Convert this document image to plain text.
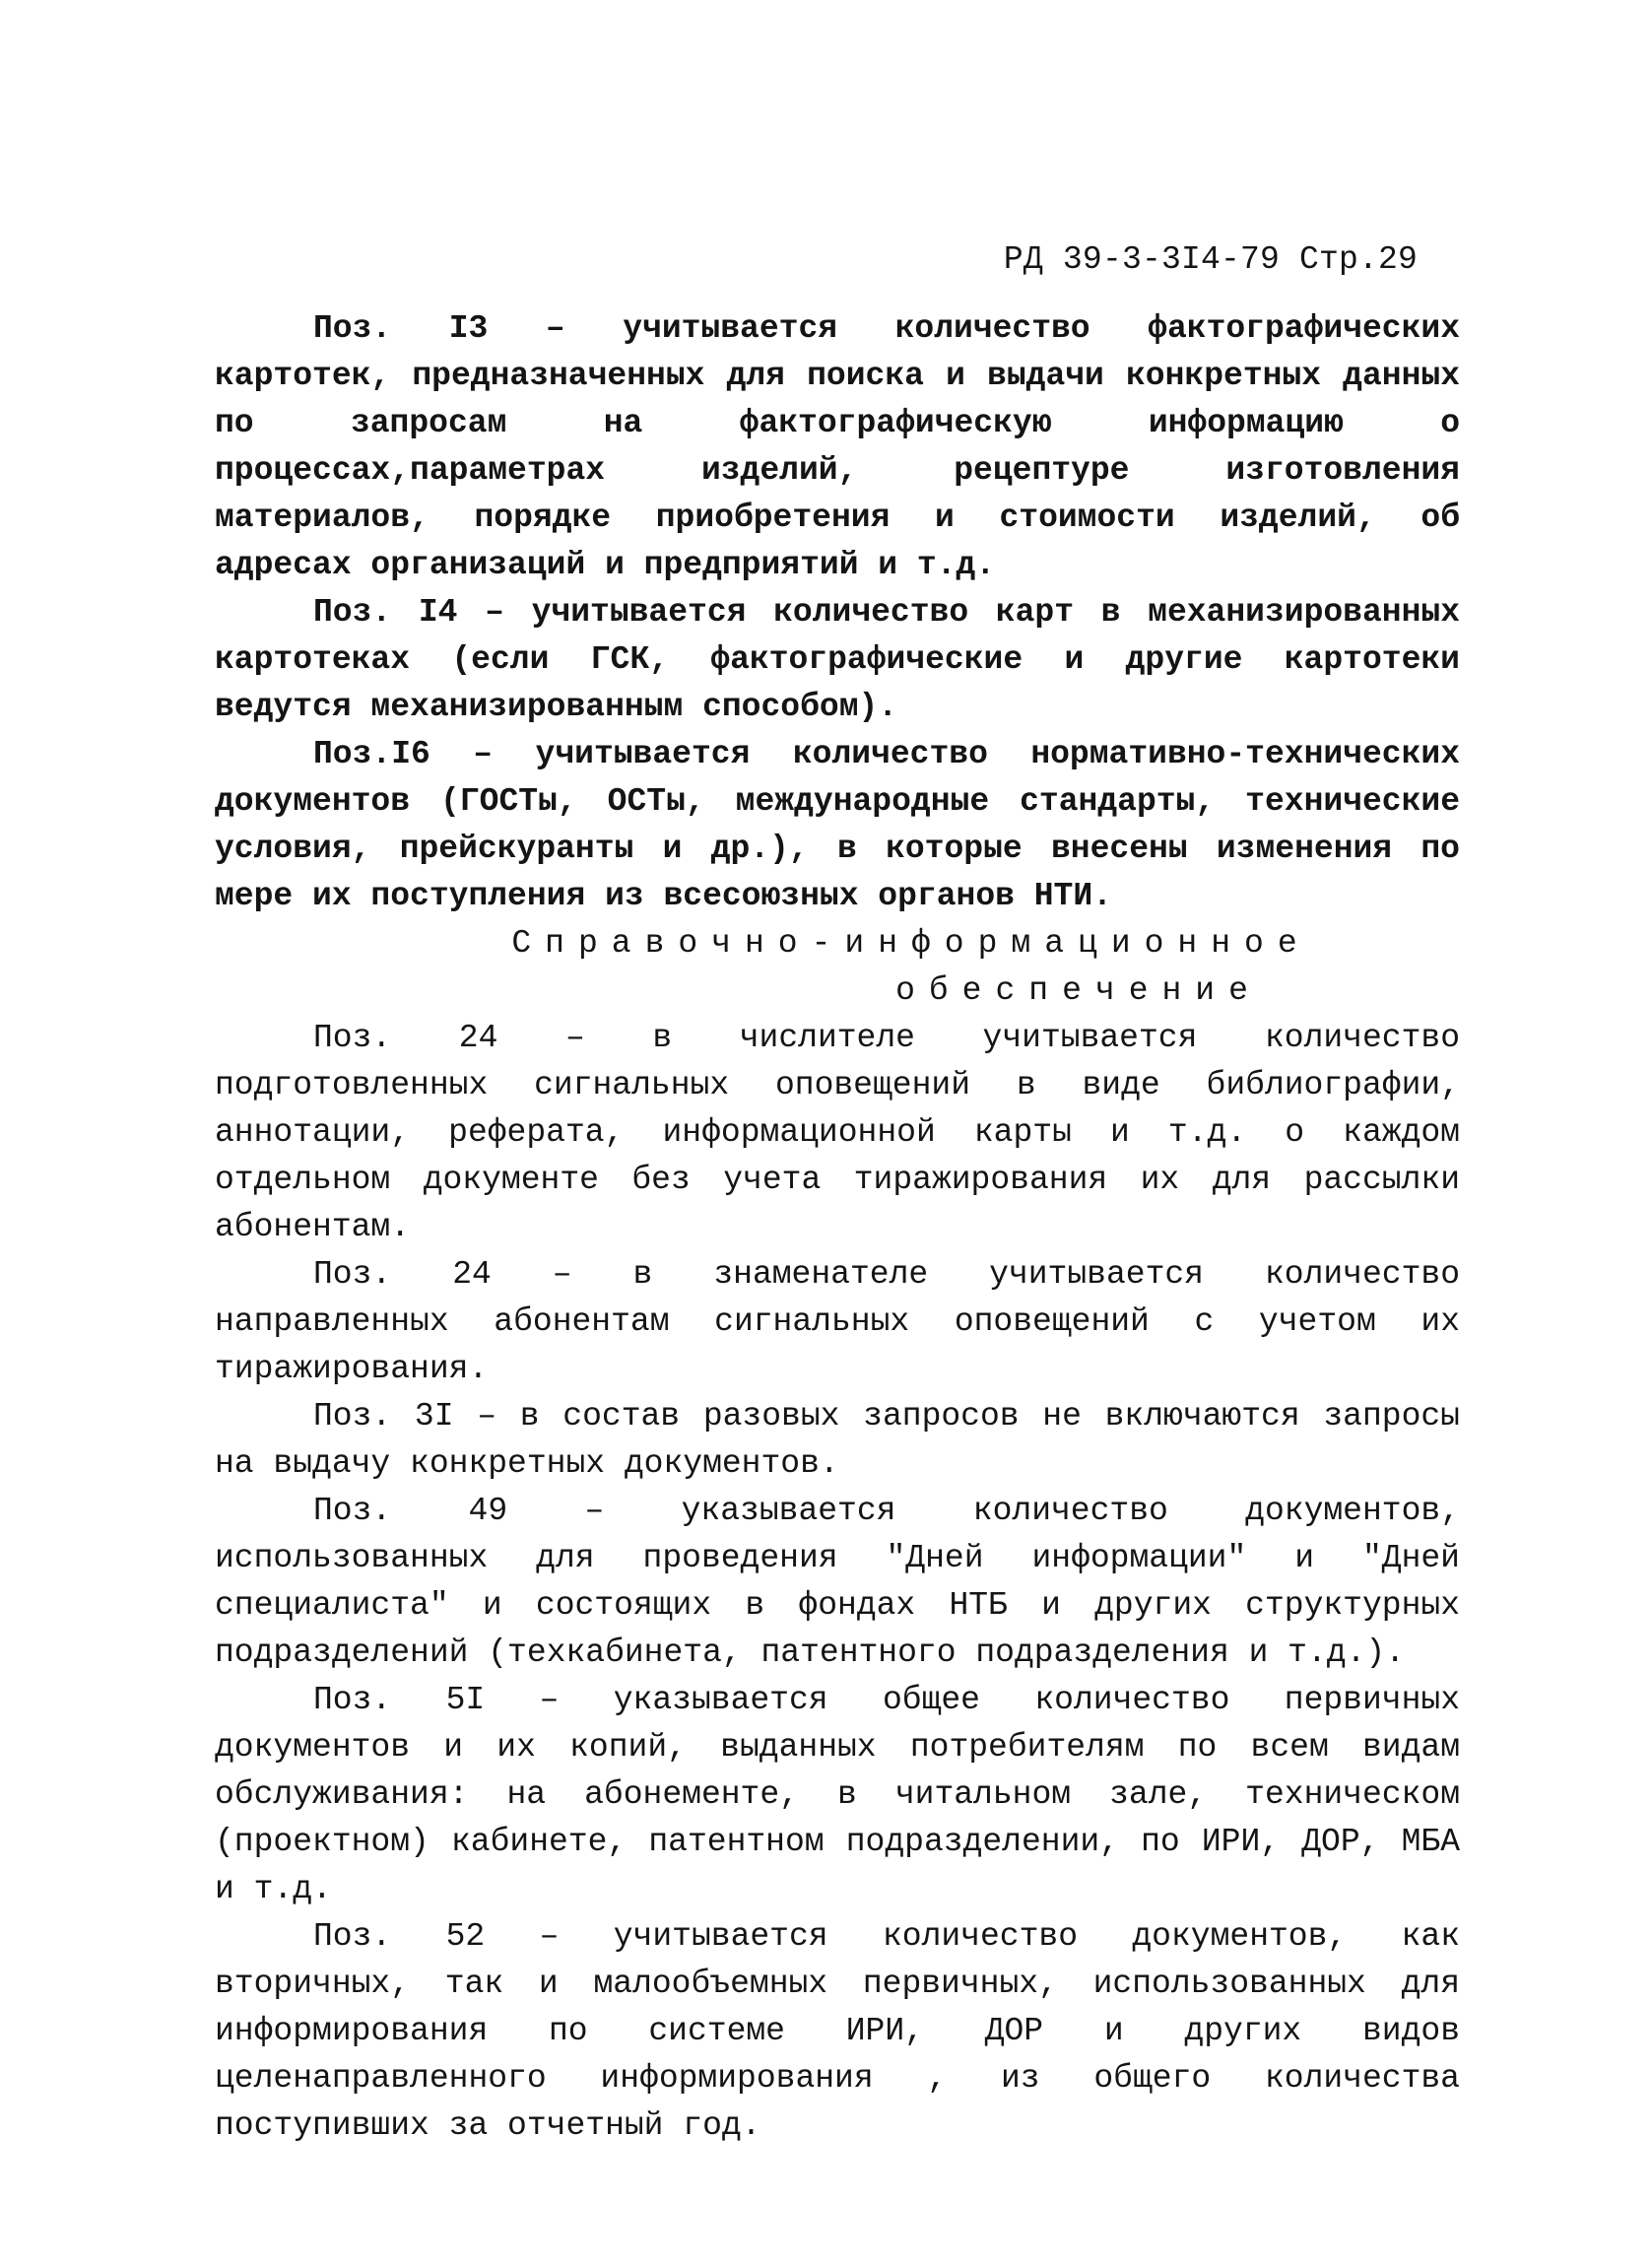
РД 39-3-3I4-79 Стр.29

Поз. I3 – учитывается количество фактографических картотек, предназначенных для поиска и выдачи конкретных данных по запросам на фактографическую информацию о процессах,параметрах изделий, рецептуре изготовления материалов, порядке приобретения и стоимости изделий, об адресах организаций и предприятий и т.д.

Поз. I4 – учитывается количество карт в механизированных картотеках (если ГСК, фактографические и другие картотеки ведутся механизированным способом).

Поз.I6 – учитывается количество нормативно-технических документов (ГОСТы, ОСТы, международные стандарты, технические условия, прейскуранты и др.), в которые внесены изменения по мере их поступления из всесоюзных органов НТИ.

Справочно-информационное
обеспечение

Поз. 24 – в числителе учитывается количество подготовленных сигнальных оповещений в виде библиографии, аннотации, реферата, информационной карты и т.д. о каждом отдельном документе без учета тиражирования их для рассылки абонентам.

Поз. 24 – в знаменателе учитывается количество направленных абонентам сигнальных оповещений с учетом их тиражирования.

Поз. 3I – в состав разовых запросов не включаются запросы на выдачу конкретных документов.

Поз. 49 – указывается количество документов, использованных для проведения "Дней информации" и "Дней специалиста" и состоящих в фондах НТБ и других структурных подразделений (техкабинета, патентного подразделения и т.д.).

Поз. 5I – указывается общее количество первичных документов и их копий, выданных потребителям по всем видам обслуживания: на абонементе, в читальном зале, техническом (проектном) кабинете, патентном подразделении, по ИРИ, ДОР, МБА и т.д.

Поз. 52 – учитывается количество документов, как вторичных, так и малообъемных первичных, использованных для информирования по системе ИРИ, ДОР и других видов целенаправленного информирования , из общего количества поступивших за отчетный год.
